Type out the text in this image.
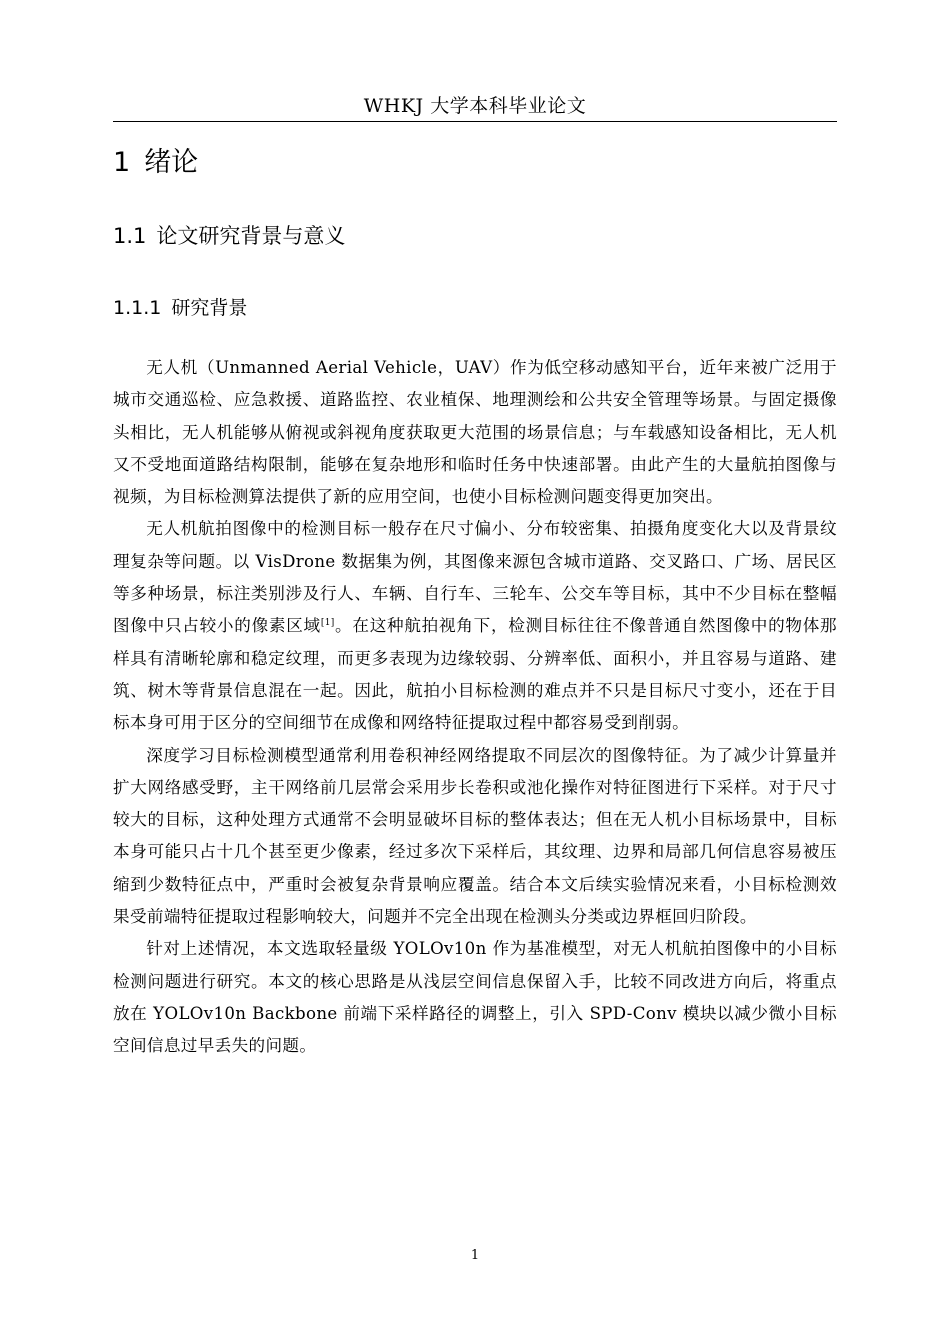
WHKJ 大学本科毕业论文
1 绪论
1.1 论文研究背景与意义
1.1.1 研究背景

无人机（Unmanned Aerial Vehicle，UAV）作为低空移动感知平台，近年来被广泛用于城市交通巡检、应急救援、道路监控、农业植保、地理测绘和公共安全管理等场景。与固定摄像头相比，无人机能够从俯视或斜视角度获取更大范围的场景信息；与车载感知设备相比，无人机又不受地面道路结构限制，能够在复杂地形和临时任务中快速部署。由此产生的大量航拍图像与视频，为目标检测算法提供了新的应用空间，也使小目标检测问题变得更加突出。

无人机航拍图像中的检测目标一般存在尺寸偏小、分布较密集、拍摄角度变化大以及背景纹理复杂等问题。以 VisDrone 数据集为例，其图像来源包含城市道路、交叉路口、广场、居民区等多种场景，标注类别涉及行人、车辆、自行车、三轮车、公交车等目标，其中不少目标在整幅图像中只占较小的像素区域[1]。在这种航拍视角下，检测目标往往不像普通自然图像中的物体那样具有清晰轮廓和稳定纹理，而更多表现为边缘较弱、分辨率低、面积小，并且容易与道路、建筑、树木等背景信息混在一起。因此，航拍小目标检测的难点并不只是目标尺寸变小，还在于目标本身可用于区分的空间细节在成像和网络特征提取过程中都容易受到削弱。

深度学习目标检测模型通常利用卷积神经网络提取不同层次的图像特征。为了减少计算量并扩大网络感受野，主干网络前几层常会采用步长卷积或池化操作对特征图进行下采样。对于尺寸较大的目标，这种处理方式通常不会明显破坏目标的整体表达；但在无人机小目标场景中，目标本身可能只占十几个甚至更少像素，经过多次下采样后，其纹理、边界和局部几何信息容易被压缩到少数特征点中，严重时会被复杂背景响应覆盖。结合本文后续实验情况来看，小目标检测效果受前端特征提取过程影响较大，问题并不完全出现在检测头分类或边界框回归阶段。

针对上述情况，本文选取轻量级 YOLOv10n 作为基准模型，对无人机航拍图像中的小目标检测问题进行研究。本文的核心思路是从浅层空间信息保留入手，比较不同改进方向后，将重点放在 YOLOv10n Backbone 前端下采样路径的调整上，引入 SPD-Conv 模块以减少微小目标空间信息过早丢失的问题。

1
